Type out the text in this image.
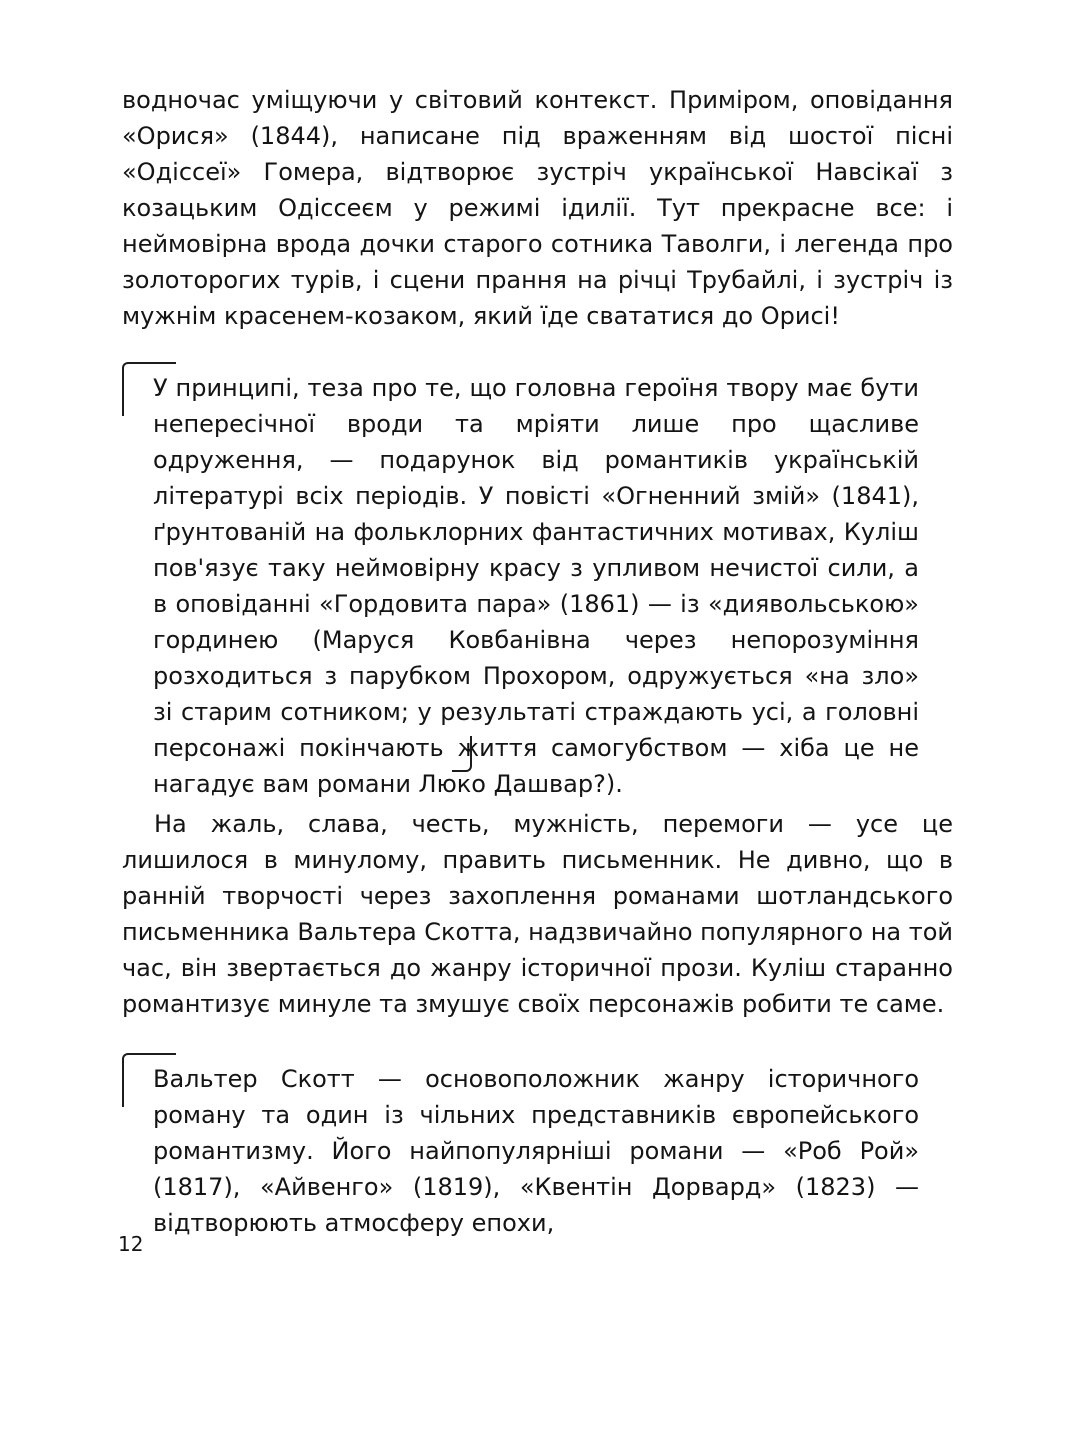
водночас уміщуючи у світовий контекст. Приміром, оповідання «Орися» (1844), написане під враженням від шостої пісні «Одіссеї» Гомера, відтворює зустріч української Навсікаї з козацьким Одіссеєм у режимі ідилії. Тут прекрасне все: і неймовірна врода дочки старого сотника Таволги, і легенда про золоторогих турів, і сцени прання на річці Трубайлі, і зустріч із мужнім красенем-козаком, який їде свататися до Орисі!

У принципі, теза про те, що головна героїня твору має бути непересічної вроди та мріяти лише про щасливе одруження, — подарунок від романтиків українській літературі всіх періодів. У повісті «Огненний змій» (1841), ґрунтованій на фольклорних фантастичних мотивах, Куліш пов'язує таку неймовірну красу з упливом нечистої сили, а в оповіданні «Гордовита пара» (1861) — із «диявольською» гординею (Маруся Ковбанівна через непорозуміння розходиться з парубком Прохором, одружується «на зло» зі старим сотником; у результаті страждають усі, а головні персонажі покінчають життя самогубством — хіба це не нагадує вам романи Люко Дашвар?).

На жаль, слава, честь, мужність, перемоги — усе це лишилося в минулому, править письменник. Не дивно, що в ранній творчості через захоплення романами шотландського письменника Вальтера Скотта, надзвичайно популярного на той час, він звертається до жанру історичної прози. Куліш старанно романтизує минуле та змушує своїх персонажів робити те саме.

Вальтер Скотт — основоположник жанру історичного роману та один із чільних представників європейського романтизму. Його найпопулярніші романи — «Роб Рой» (1817), «Айвенго» (1819), «Квентін Дорвард» (1823) — відтворюють атмосферу епохи,

12
